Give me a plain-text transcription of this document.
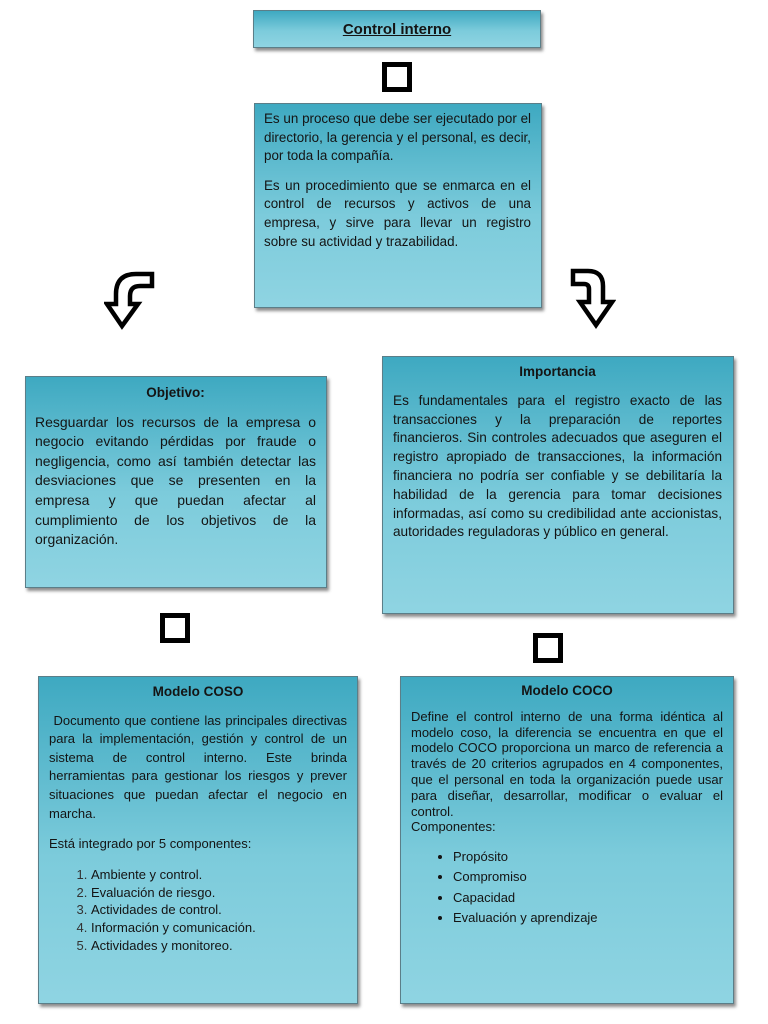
Control interno

Es un proceso que debe ser ejecutado por el directorio, la gerencia y el personal, es decir, por toda la compañía.

Es un procedimiento que se enmarca en el control de recursos y activos de una empresa, y sirve para llevar un registro sobre su actividad y trazabilidad.

Objetivo:

Resguardar los recursos de la empresa o negocio evitando pérdidas por fraude o negligencia, como así también detectar las desviaciones que se presenten en la empresa y que puedan afectar al cumplimiento de los objetivos de la organización.

Importancia

Es fundamentales para el registro exacto de las transacciones y la preparación de reportes financieros. Sin controles adecuados que aseguren el registro apropiado de transacciones, la información financiera no podría ser confiable y se debilitaría la habilidad de la gerencia para tomar decisiones informadas, así como su credibilidad ante accionistas, autoridades reguladoras y público en general.

Modelo COSO

Documento que contiene las principales directivas para la implementación, gestión y control de un sistema de control interno. Este brinda herramientas para gestionar los riesgos y prever situaciones que puedan afectar el negocio en marcha.

Está integrado por 5 componentes:

1. Ambiente y control.
2. Evaluación de riesgo.
3. Actividades de control.
4. Información y comunicación.
5. Actividades y monitoreo.
Modelo COCO

Define el control interno de una forma idéntica al modelo coso, la diferencia se encuentra en que el modelo COCO proporciona un marco de referencia a través de 20 criterios agrupados en 4 componentes, que el personal en toda la organización puede usar para diseñar, desarrollar, modificar o evaluar el control.

Componentes:

• Propósito
• Compromiso
• Capacidad
• Evaluación y aprendizaje
